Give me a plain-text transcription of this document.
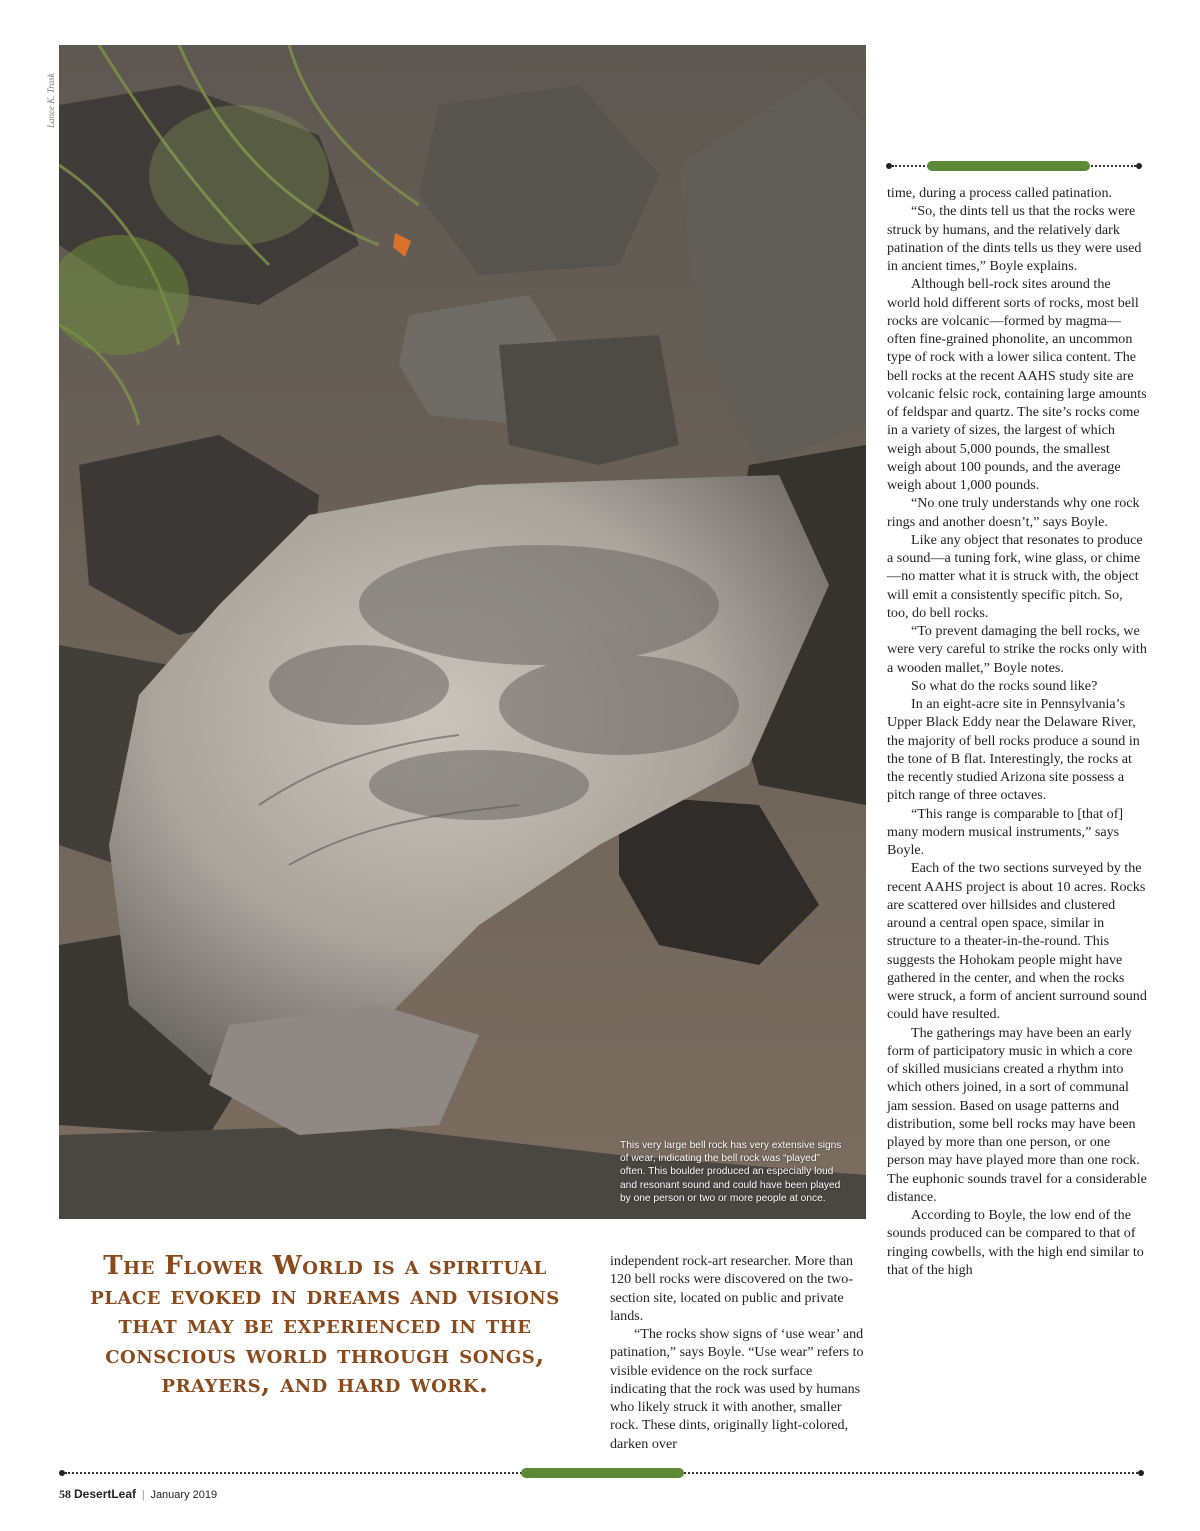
Lance K. Trask
This very large bell rock has very extensive signs of wear, indicating the bell rock was “played” often. This boulder produced an especially loud and resonant sound and could have been played by one person or two or more people at once.

time, during a process called patination.

“So, the dints tell us that the rocks were struck by humans, and the relatively dark patination of the dints tells us they were used in ancient times,” Boyle explains.

Although bell-rock sites around the world hold different sorts of rocks, most bell rocks are volcanic—formed by magma—often fine-grained phonolite, an uncommon type of rock with a lower silica content. The bell rocks at the recent AAHS study site are volcanic felsic rock, containing large amounts of feldspar and quartz. The site’s rocks come in a variety of sizes, the largest of which weigh about 5,000 pounds, the smallest weigh about 100 pounds, and the average weigh about 1,000 pounds.

“No one truly understands why one rock rings and another doesn’t,” says Boyle.

Like any object that resonates to produce a sound—a tuning fork, wine glass, or chime—no matter what it is struck with, the object will emit a consistently specific pitch. So, too, do bell rocks.

“To prevent damaging the bell rocks, we were very careful to strike the rocks only with a wooden mallet,” Boyle notes.

So what do the rocks sound like?

In an eight-acre site in Pennsylvania’s Upper Black Eddy near the Delaware River, the majority of bell rocks produce a sound in the tone of B flat. Interestingly, the rocks at the recently studied Arizona site possess a pitch range of three octaves.

“This range is comparable to [that of] many modern musical instruments,” says Boyle.

Each of the two sections surveyed by the recent AAHS project is about 10 acres. Rocks are scattered over hillsides and clustered around a central open space, similar in structure to a theater-in-the-round. This suggests the Hohokam people might have gathered in the center, and when the rocks were struck, a form of ancient surround sound could have resulted.

The gatherings may have been an early form of participatory music in which a core of skilled musicians created a rhythm into which others joined, in a sort of communal jam session. Based on usage patterns and distribution, some bell rocks may have been played by more than one person, or one person may have played more than one rock. The euphonic sounds travel for a considerable distance.

According to Boyle, the low end of the sounds produced can be compared to that of ringing cowbells, with the high end similar to that of the high

The Flower World is a spiritual place evoked in dreams and visions that may be experienced in the conscious world through songs, prayers, and hard work.

independent rock-art researcher. More than 120 bell rocks were discovered on the two-section site, located on public and private lands.

“The rocks show signs of ‘use wear’ and patination,” says Boyle. “Use wear” refers to visible evidence on the rock surface indicating that the rock was used by humans who likely struck it with another, smaller rock. These dints, originally light-colored, darken over

58 DesertLeaf | January 2019
